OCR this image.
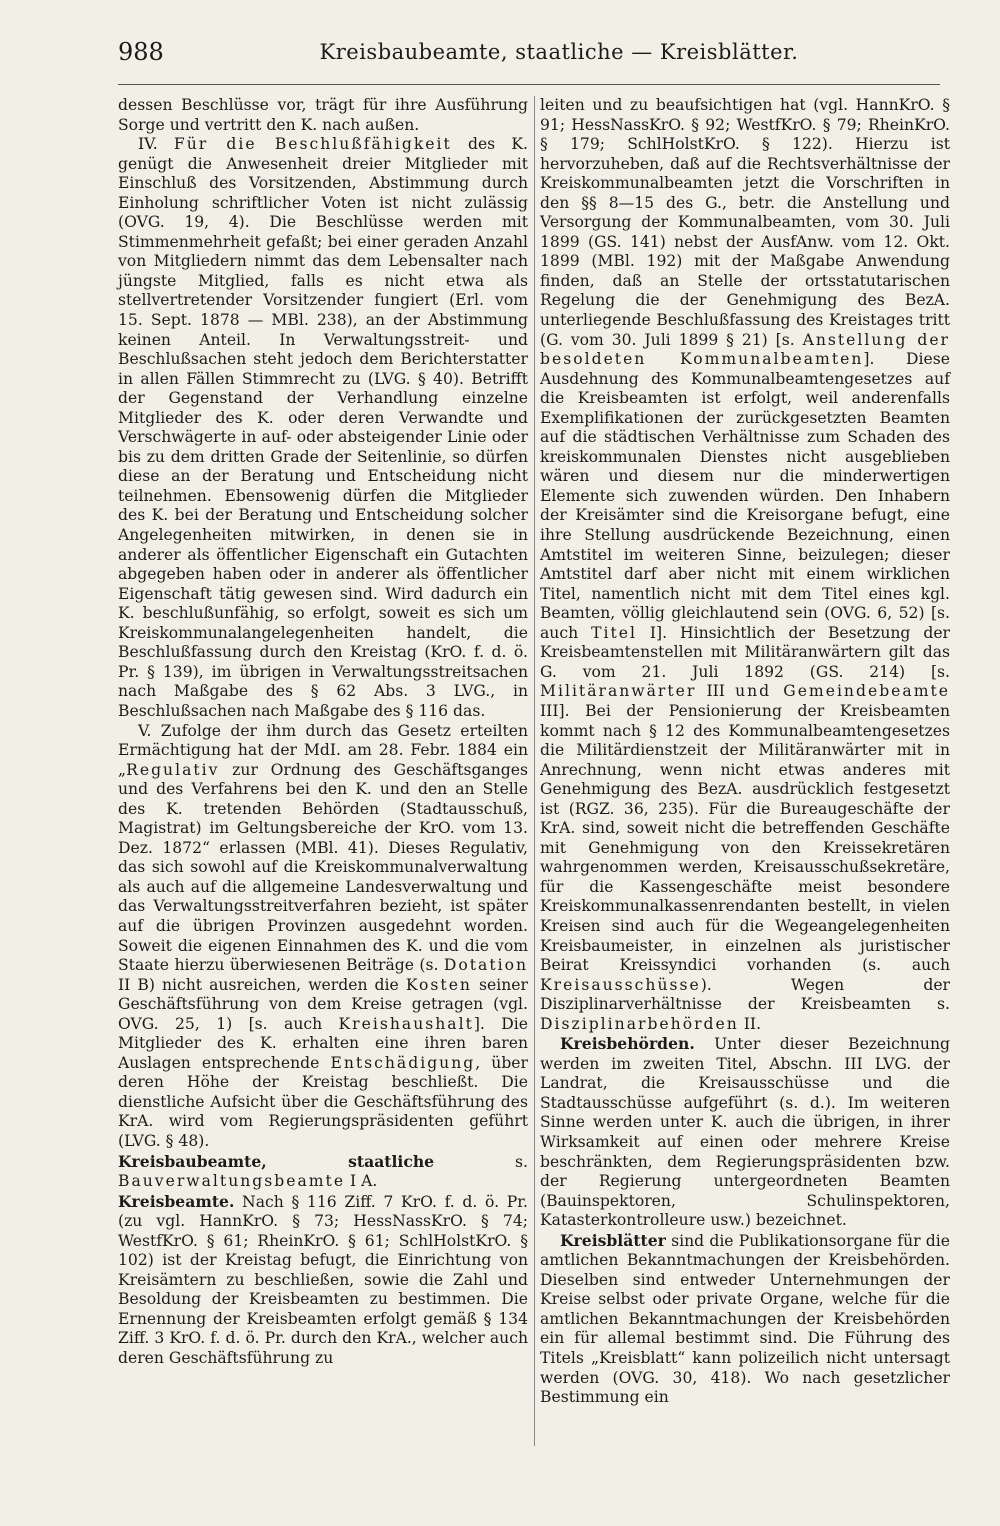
988	Kreisbaubeamte, staatliche — Kreisblätter.

dessen Beschlüsse vor, trägt für ihre Ausführung Sorge und vertritt den K. nach außen.

IV. Für die Beschlußfähigkeit des K. genügt die Anwesenheit dreier Mitglieder mit Einschluß des Vorsitzenden, Abstimmung durch Einholung schriftlicher Voten ist nicht zulässig (OVG. 19, 4). Die Beschlüsse werden mit Stimmenmehrheit gefaßt; bei einer geraden Anzahl von Mitgliedern nimmt das dem Lebensalter nach jüngste Mitglied, falls es nicht etwa als stellvertretender Vorsitzender fungiert (Erl. vom 15. Sept. 1878 — MBl. 238), an der Abstimmung keinen Anteil. In Verwaltungsstreit- und Beschlußsachen steht jedoch dem Berichterstatter in allen Fällen Stimmrecht zu (LVG. § 40). Betrifft der Gegenstand der Verhandlung einzelne Mitglieder des K. oder deren Verwandte und Verschwägerte in auf- oder absteigender Linie oder bis zu dem dritten Grade der Seitenlinie, so dürfen diese an der Beratung und Entscheidung nicht teilnehmen. Ebensowenig dürfen die Mitglieder des K. bei der Beratung und Entscheidung solcher Angelegenheiten mitwirken, in denen sie in anderer als öffentlicher Eigenschaft ein Gutachten abgegeben haben oder in anderer als öffentlicher Eigenschaft tätig gewesen sind. Wird dadurch ein K. beschlußunfähig, so erfolgt, soweit es sich um Kreiskommunalangelegenheiten handelt, die Beschlußfassung durch den Kreistag (KrO. f. d. ö. Pr. § 139), im übrigen in Verwaltungsstreitsachen nach Maßgabe des § 62 Abs. 3 LVG., in Beschlußsachen nach Maßgabe des § 116 das.

V. Zufolge der ihm durch das Gesetz erteilten Ermächtigung hat der MdI. am 28. Febr. 1884 ein „Regulativ zur Ordnung des Geschäftsganges und des Verfahrens bei den K. und den an Stelle des K. tretenden Behörden (Stadtausschuß, Magistrat) im Geltungsbereiche der KrO. vom 13. Dez. 1872“ erlassen (MBl. 41). Dieses Regulativ, das sich sowohl auf die Kreiskommunalverwaltung als auch auf die allgemeine Landesverwaltung und das Verwaltungsstreitverfahren bezieht, ist später auf die übrigen Provinzen ausgedehnt worden. Soweit die eigenen Einnahmen des K. und die vom Staate hierzu überwiesenen Beiträge (s. Dotation II B) nicht ausreichen, werden die Kosten seiner Geschäftsführung von dem Kreise getragen (vgl. OVG. 25, 1) [s. auch Kreishaushalt]. Die Mitglieder des K. erhalten eine ihren baren Auslagen entsprechende Entschädigung, über deren Höhe der Kreistag beschließt. Die dienstliche Aufsicht über die Geschäftsführung des KrA. wird vom Regierungspräsidenten geführt (LVG. § 48).

Kreisbaubeamte, staatliche s. Bauverwaltungsbeamte I A.

Kreisbeamte. Nach § 116 Ziff. 7 KrO. f. d. ö. Pr. (zu vgl. HannKrO. § 73; HessNassKrO. § 74; WestfKrO. § 61; RheinKrO. § 61; SchlHolstKrO. § 102) ist der Kreistag befugt, die Einrichtung von Kreisämtern zu beschließen, sowie die Zahl und Besoldung der Kreisbeamten zu bestimmen. Die Ernennung der Kreisbeamten erfolgt gemäß § 134 Ziff. 3 KrO. f. d. ö. Pr. durch den KrA., welcher auch deren Geschäftsführung zu

leiten und zu beaufsichtigen hat (vgl. HannKrO. § 91; HessNassKrO. § 92; WestfKrO. § 79; RheinKrO. § 179; SchlHolstKrO. § 122). Hierzu ist hervorzuheben, daß auf die Rechtsverhältnisse der Kreiskommunalbeamten jetzt die Vorschriften in den §§ 8—15 des G., betr. die Anstellung und Versorgung der Kommunalbeamten, vom 30. Juli 1899 (GS. 141) nebst der AusfAnw. vom 12. Okt. 1899 (MBl. 192) mit der Maßgabe Anwendung finden, daß an Stelle der ortsstatutarischen Regelung die der Genehmigung des BezA. unterliegende Beschlußfassung des Kreistages tritt (G. vom 30. Juli 1899 § 21) [s. Anstellung der besoldeten Kommunalbeamten]. Diese Ausdehnung des Kommunalbeamtengesetzes auf die Kreisbeamten ist erfolgt, weil anderenfalls Exemplifikationen der zurückgesetzten Beamten auf die städtischen Verhältnisse zum Schaden des kreiskommunalen Dienstes nicht ausgeblieben wären und diesem nur die minderwertigen Elemente sich zuwenden würden. Den Inhabern der Kreisämter sind die Kreisorgane befugt, eine ihre Stellung ausdrückende Bezeichnung, einen Amtstitel im weiteren Sinne, beizulegen; dieser Amtstitel darf aber nicht mit einem wirklichen Titel, namentlich nicht mit dem Titel eines kgl. Beamten, völlig gleichlautend sein (OVG. 6, 52) [s. auch Titel I]. Hinsichtlich der Besetzung der Kreisbeamtenstellen mit Militäranwärtern gilt das G. vom 21. Juli 1892 (GS. 214) [s. Militäranwärter III und Gemeindebeamte III]. Bei der Pensionierung der Kreisbeamten kommt nach § 12 des Kommunalbeamtengesetzes die Militärdienstzeit der Militäranwärter mit in Anrechnung, wenn nicht etwas anderes mit Genehmigung des BezA. ausdrücklich festgesetzt ist (RGZ. 36, 235). Für die Bureaugeschäfte der KrA. sind, soweit nicht die betreffenden Geschäfte mit Genehmigung von den Kreissekretären wahrgenommen werden, Kreisausschußsekretäre, für die Kassengeschäfte meist besondere Kreiskommunalkassenrendanten bestellt, in vielen Kreisen sind auch für die Wegeangelegenheiten Kreisbaumeister, in einzelnen als juristischer Beirat Kreissyndici vorhanden (s. auch Kreisausschüsse). Wegen der Disziplinarverhältnisse der Kreisbeamten s. Disziplinarbehörden II.

Kreisbehörden. Unter dieser Bezeichnung werden im zweiten Titel, Abschn. III LVG. der Landrat, die Kreisausschüsse und die Stadtausschüsse aufgeführt (s. d.). Im weiteren Sinne werden unter K. auch die übrigen, in ihrer Wirksamkeit auf einen oder mehrere Kreise beschränkten, dem Regierungspräsidenten bzw. der Regierung untergeordneten Beamten (Bauinspektoren, Schulinspektoren, Katasterkontrolleure usw.) bezeichnet.

Kreisblätter sind die Publikationsorgane für die amtlichen Bekanntmachungen der Kreisbehörden. Dieselben sind entweder Unternehmungen der Kreise selbst oder private Organe, welche für die amtlichen Bekanntmachungen der Kreisbehörden ein für allemal bestimmt sind. Die Führung des Titels „Kreisblatt“ kann polizeilich nicht untersagt werden (OVG. 30, 418). Wo nach gesetzlicher Bestimmung ein
